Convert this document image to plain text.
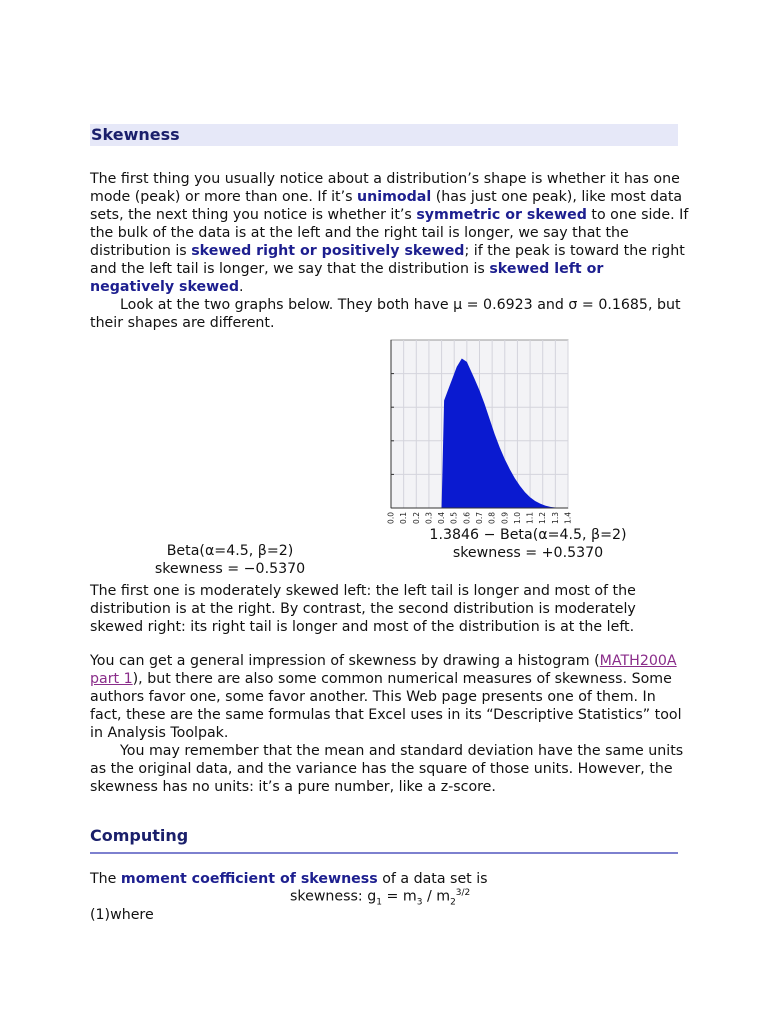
Skewness

The first thing you usually notice about a distribution’s shape is whether it has one mode (peak) or more than one. If it’s unimodal (has just one peak), like most data sets, the next thing you notice is whether it’s symmetric or skewed to one side. If the bulk of the data is at the left and the right tail is longer, we say that the distribution is skewed right or positively skewed; if the peak is toward the right and the left tail is longer, we say that the distribution is skewed left or negatively skewed.

Look at the two graphs below. They both have μ = 0.6923 and σ = 0.1685, but their shapes are different.

0.0 0.1 0.2 0.3 0.4 0.5 0.6 0.7 0.8 0.9 1.0 1.1 1.2 1.3 1.4
1.3846 − Beta(α=4.5, β=2)
skewness = +0.5370
Beta(α=4.5, β=2)
skewness = −0.5370

The first one is moderately skewed left: the left tail is longer and most of the distribution is at the right. By contrast, the second distribution is moderately skewed right: its right tail is longer and most of the distribution is at the left.

You can get a general impression of skewness by drawing a histogram (MATH200A part 1), but there are also some common numerical measures of skewness. Some authors favor one, some favor another. This Web page presents one of them. In fact, these are the same formulas that Excel uses in its “Descriptive Statistics” tool in Analysis Toolpak.

You may remember that the mean and standard deviation have the same units as the original data, and the variance has the square of those units. However, the skewness has no units: it’s a pure number, like a z-score.

Computing

The moment coefficient of skewness of a data set is

skewness: $g_1 = m_3 / m_2^{3/2}$
(1)where
